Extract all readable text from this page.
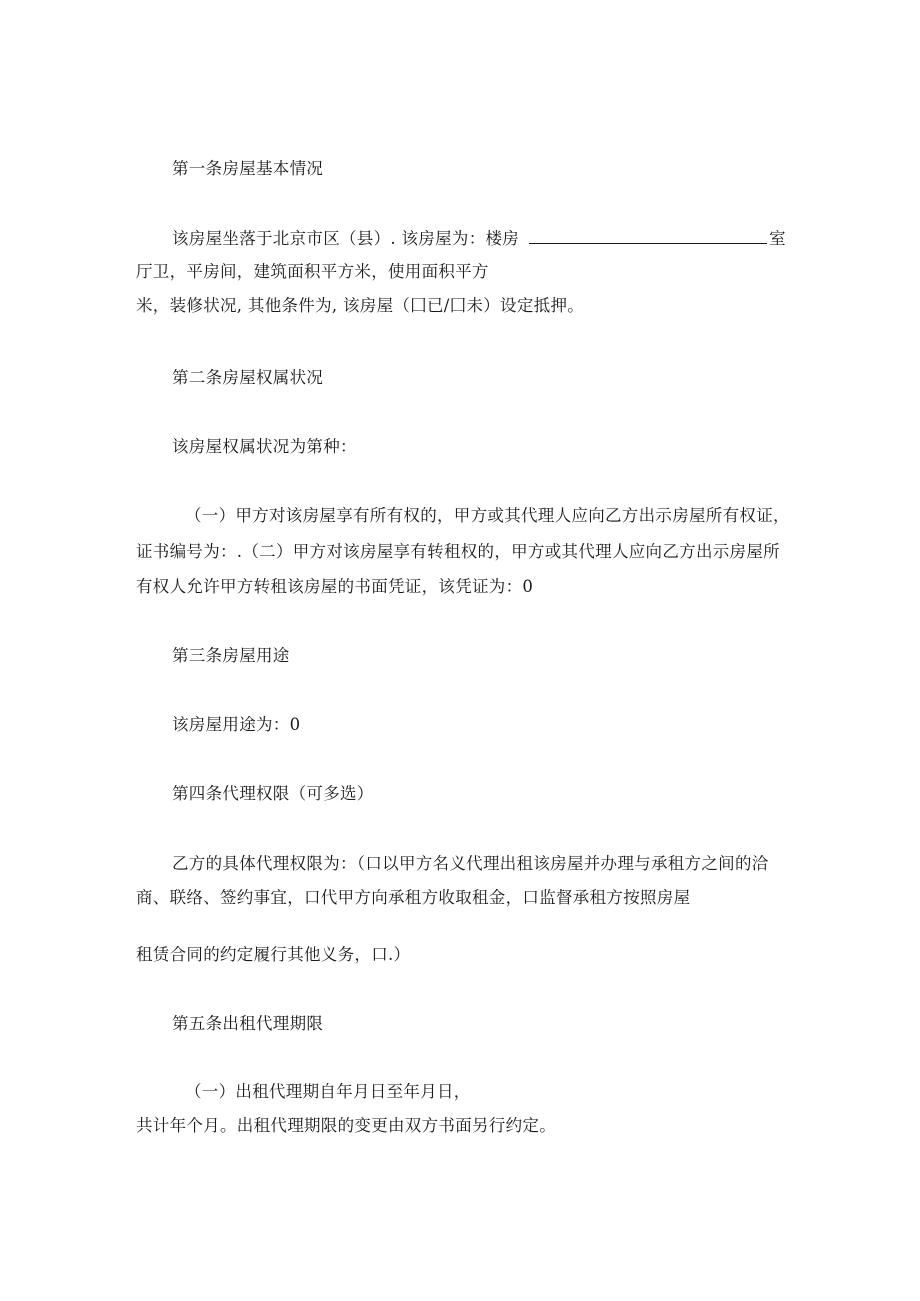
第一条房屋基本情况
该房屋坐落于北京市区（县）. 该房屋为：楼房	室
厅卫，平房间，建筑面积平方米，使用面积平方
米，装修状况, 其他条件为, 该房屋（囗已/囗未）设定抵押。
第二条房屋权属状况
该房屋权属状况为第种：
（一）甲方对该房屋享有所有权的，甲方或其代理人应向乙方出示房屋所有权证，
证书编号为：.（二）甲方对该房屋享有转租权的，甲方或其代理人应向乙方出示房屋所
有权人允许甲方转租该房屋的书面凭证，该凭证为：0
第三条房屋用途
该房屋用途为：0
第四条代理权限（可多选）
乙方的具体代理权限为：（口以甲方名义代理出租该房屋并办理与承租方之间的洽
商、联络、签约事宜，口代甲方向承租方收取租金，口监督承租方按照房屋
租赁合同的约定履行其他义务，口.）
第五条出租代理期限
（一）出租代理期自年月日至年月日，
共计年个月。出租代理期限的变更由双方书面另行约定。
